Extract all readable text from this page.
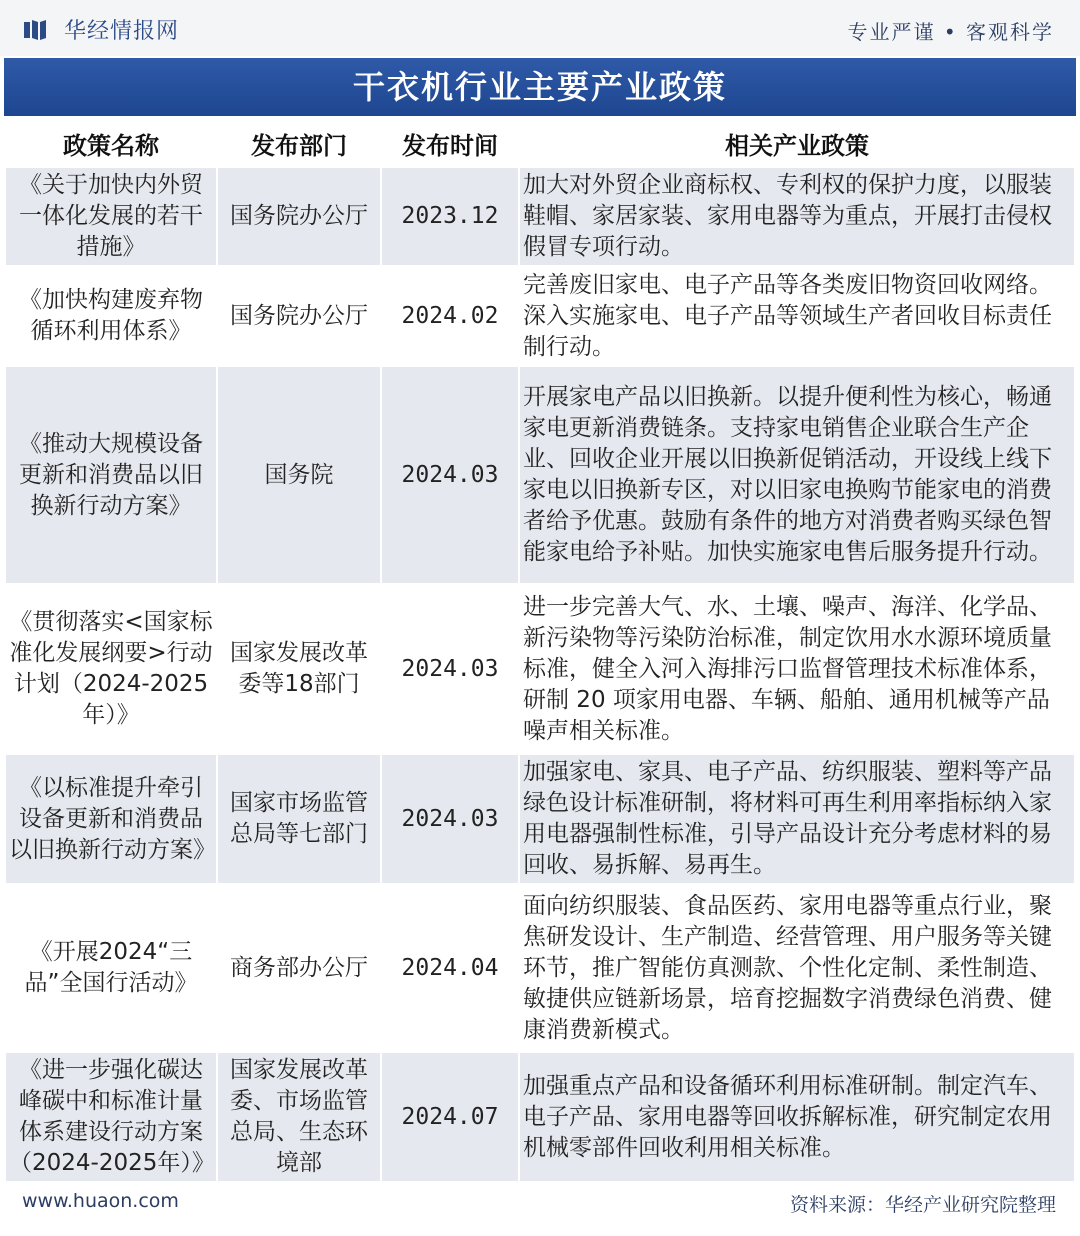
华经情报网	专业严谨 • 客观科学
干衣机行业主要产业政策
政策名称	发布部门	发布时间	相关产业政策
《关于加快内外贸一体化发展的若干措施》	国务院办公厅	2023.12	加大对外贸企业商标权、专利权的保护力度，以服装鞋帽、家居家装、家用电器等为重点，开展打击侵权假冒专项行动。
《加快构建废弃物循环利用体系》	国务院办公厅	2024.02	完善废旧家电、电子产品等各类废旧物资回收网络。深入实施家电、电子产品等领域生产者回收目标责任制行动。
《推动大规模设备更新和消费品以旧换新行动方案》	国务院	2024.03	开展家电产品以旧换新。以提升便利性为核心，畅通家电更新消费链条。支持家电销售企业联合生产企业、回收企业开展以旧换新促销活动，开设线上线下家电以旧换新专区，对以旧家电换购节能家电的消费者给予优惠。鼓励有条件的地方对消费者购买绿色智能家电给予补贴。加快实施家电售后服务提升行动。
《贯彻落实<国家标准化发展纲要>行动计划（2024-2025年）》	国家发展改革委等18部门	2024.03	进一步完善大气、水、土壤、噪声、海洋、化学品、新污染物等污染防治标准，制定饮用水水源环境质量标准，健全入河入海排污口监督管理技术标准体系，研制 20 项家用电器、车辆、船舶、通用机械等产品噪声相关标准。
《以标准提升牵引设备更新和消费品以旧换新行动方案》	国家市场监管总局等七部门	2024.03	加强家电、家具、电子产品、纺织服装、塑料等产品绿色设计标准研制，将材料可再生利用率指标纳入家用电器强制性标准，引导产品设计充分考虑材料的易回收、易拆解、易再生。
《开展2024“三品”全国行活动》	商务部办公厅	2024.04	面向纺织服装、食品医药、家用电器等重点行业，聚焦研发设计、生产制造、经营管理、用户服务等关键环节，推广智能仿真测款、个性化定制、柔性制造、敏捷供应链新场景，培育挖掘数字消费绿色消费、健康消费新模式。
《进一步强化碳达峰碳中和标准计量体系建设行动方案（2024-2025年）》	国家发展改革委、市场监管总局、生态环境部	2024.07	加强重点产品和设备循环利用标准研制。制定汽车、电子产品、家用电器等回收拆解标准，研究制定农用机械零部件回收利用相关标准。
www.huaon.com	资料来源：华经产业研究院整理
